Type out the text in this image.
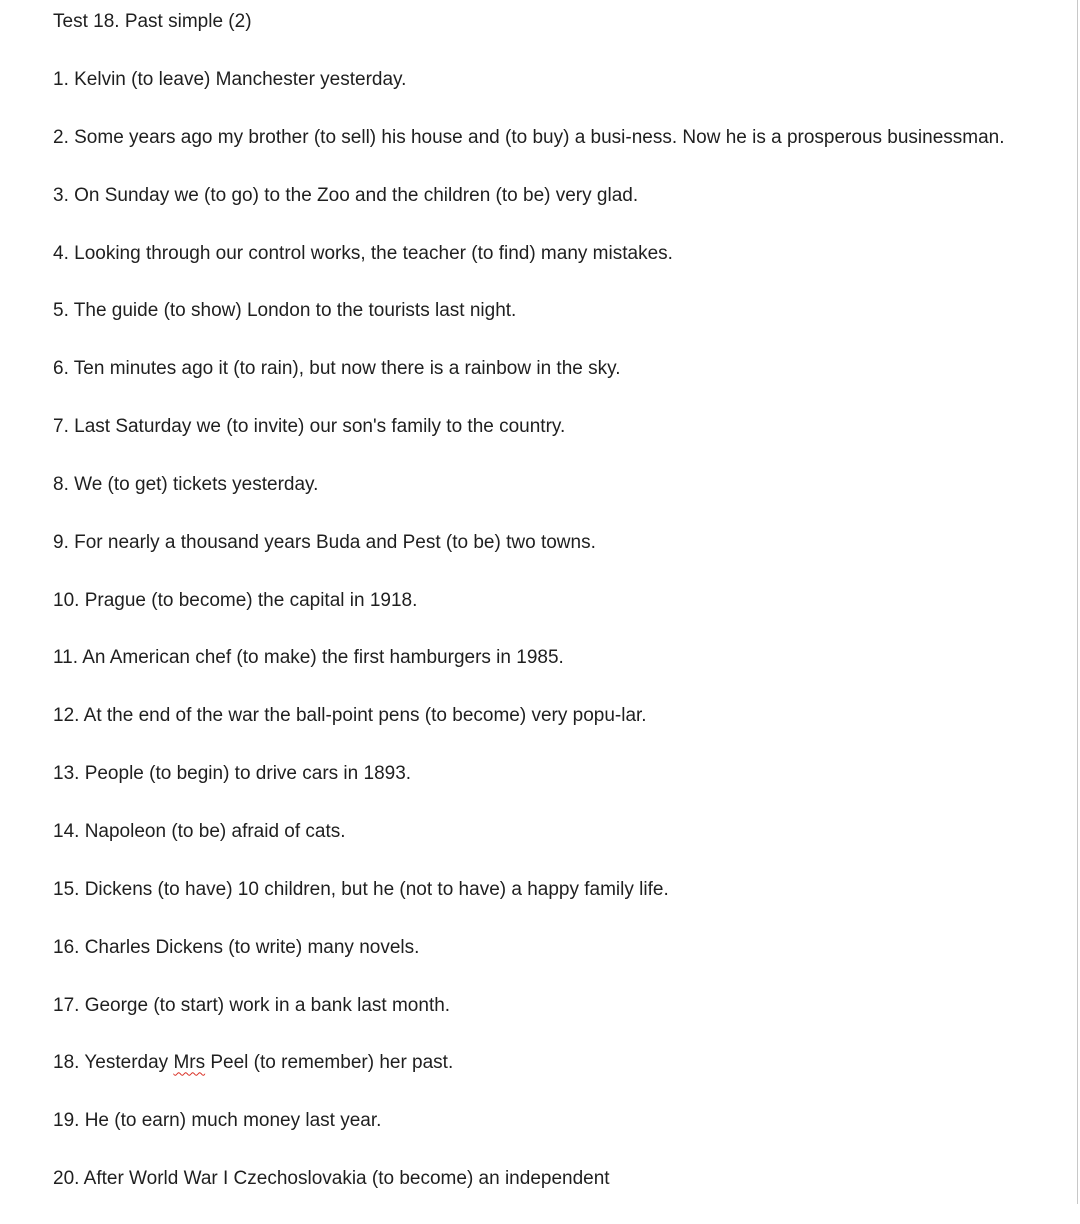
Test 18. Past simple (2)
1. Kelvin (to leave) Manchester yesterday.
2. Some years ago my brother (to sell) his house and (to buy) a busi-ness. Now he is a prosperous businessman.
3. On Sunday we (to go) to the Zoo and the children (to be) very glad.
4. Looking through our control works, the teacher (to find) many mistakes.
5. The guide (to show) London to the tourists last night.
6. Ten minutes ago it (to rain), but now there is a rainbow in the sky.
7. Last Saturday we (to invite) our son's family to the country.
8. We (to get) tickets yesterday.
9. For nearly a thousand years Buda and Pest (to be) two towns.
10. Prague (to become) the capital in 1918.
11. An American chef (to make) the first hamburgers in 1985.
12. At the end of the war the ball-point pens (to become) very popu-lar.
13. People (to begin) to drive cars in 1893.
14. Napoleon (to be) afraid of cats.
15. Dickens (to have) 10 children, but he (not to have) a happy family life.
16. Charles Dickens (to write) many novels.
17. George (to start) work in a bank last month.
18. Yesterday Mrs Peel (to remember) her past.
19. He (to earn) much money last year.
20. After World War I Czechoslovakia (to become) an independent
